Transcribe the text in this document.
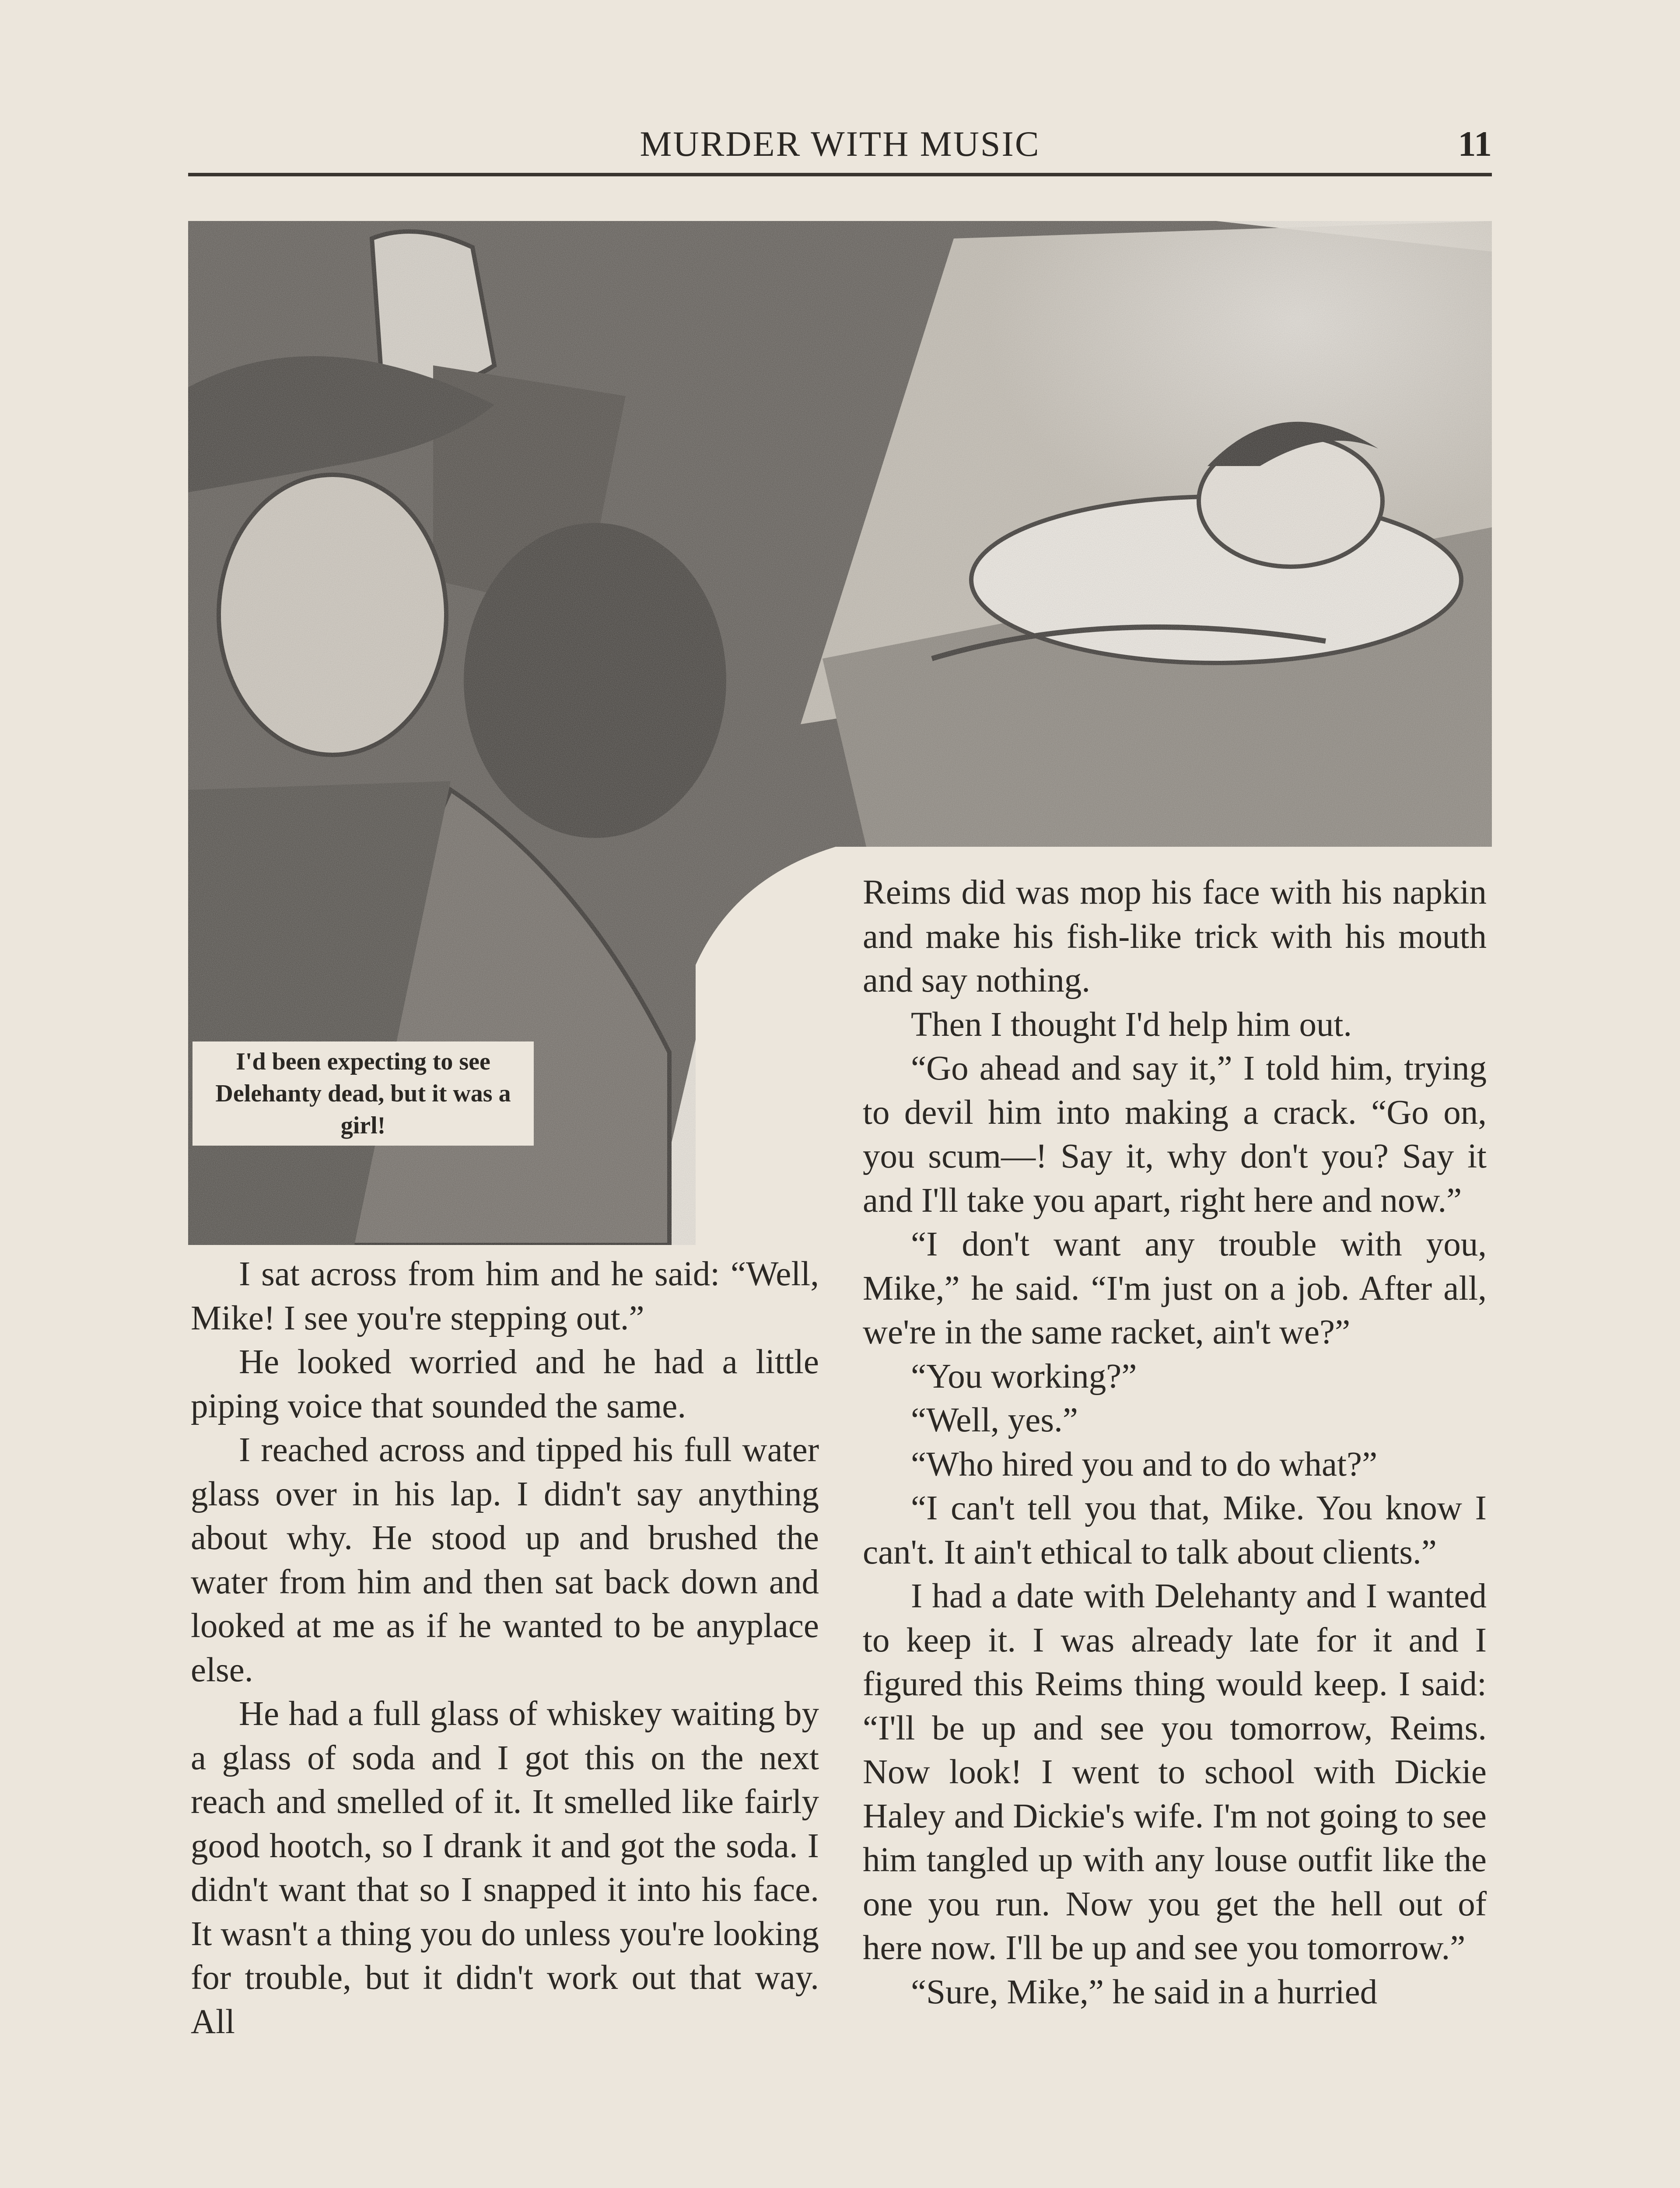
MURDER WITH MUSIC	11
I'd been expecting to see Delehanty dead, but it was a girl!

I sat across from him and he said: “Well, Mike! I see you're stepping out.”

He looked worried and he had a little piping voice that sounded the same.

I reached across and tipped his full water glass over in his lap. I didn't say anything about why. He stood up and brushed the water from him and then sat back down and looked at me as if he wanted to be anyplace else.

He had a full glass of whiskey waiting by a glass of soda and I got this on the next reach and smelled of it. It smelled like fairly good hootch, so I drank it and got the soda. I didn't want that so I snapped it into his face. It wasn't a thing you do unless you're looking for trouble, but it didn't work out that way. All

Reims did was mop his face with his napkin and make his fish-like trick with his mouth and say nothing.

Then I thought I'd help him out.

“Go ahead and say it,” I told him, trying to devil him into making a crack. “Go on, you scum—! Say it, why don't you? Say it and I'll take you apart, right here and now.”

“I don't want any trouble with you, Mike,” he said. “I'm just on a job. After all, we're in the same racket, ain't we?”

“You working?”

“Well, yes.”

“Who hired you and to do what?”

“I can't tell you that, Mike. You know I can't. It ain't ethical to talk about clients.”

I had a date with Delehanty and I wanted to keep it. I was already late for it and I figured this Reims thing would keep. I said: “I'll be up and see you tomorrow, Reims. Now look! I went to school with Dickie Haley and Dickie's wife. I'm not going to see him tangled up with any louse outfit like the one you run. Now you get the hell out of here now. I'll be up and see you tomorrow.”

“Sure, Mike,” he said in a hurried
